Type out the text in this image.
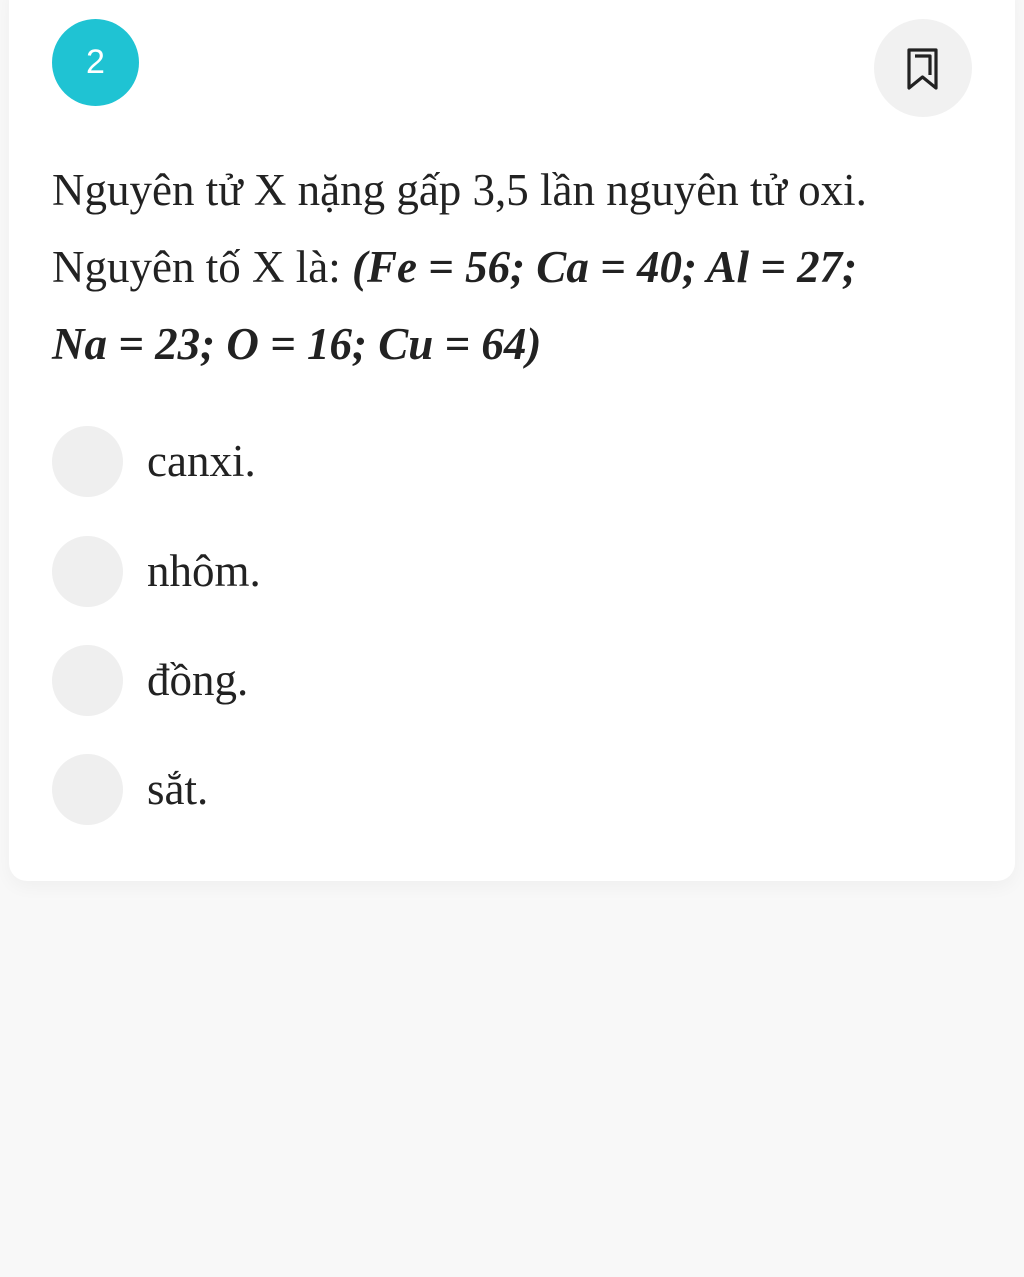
2
Nguyên tử X nặng gấp 3,5 lần nguyên tử oxi. Nguyên tố X là: (Fe = 56; Ca = 40; Al = 27;
Na = 23; O = 16; Cu = 64)
canxi.
nhôm.
đồng.
sắt.
